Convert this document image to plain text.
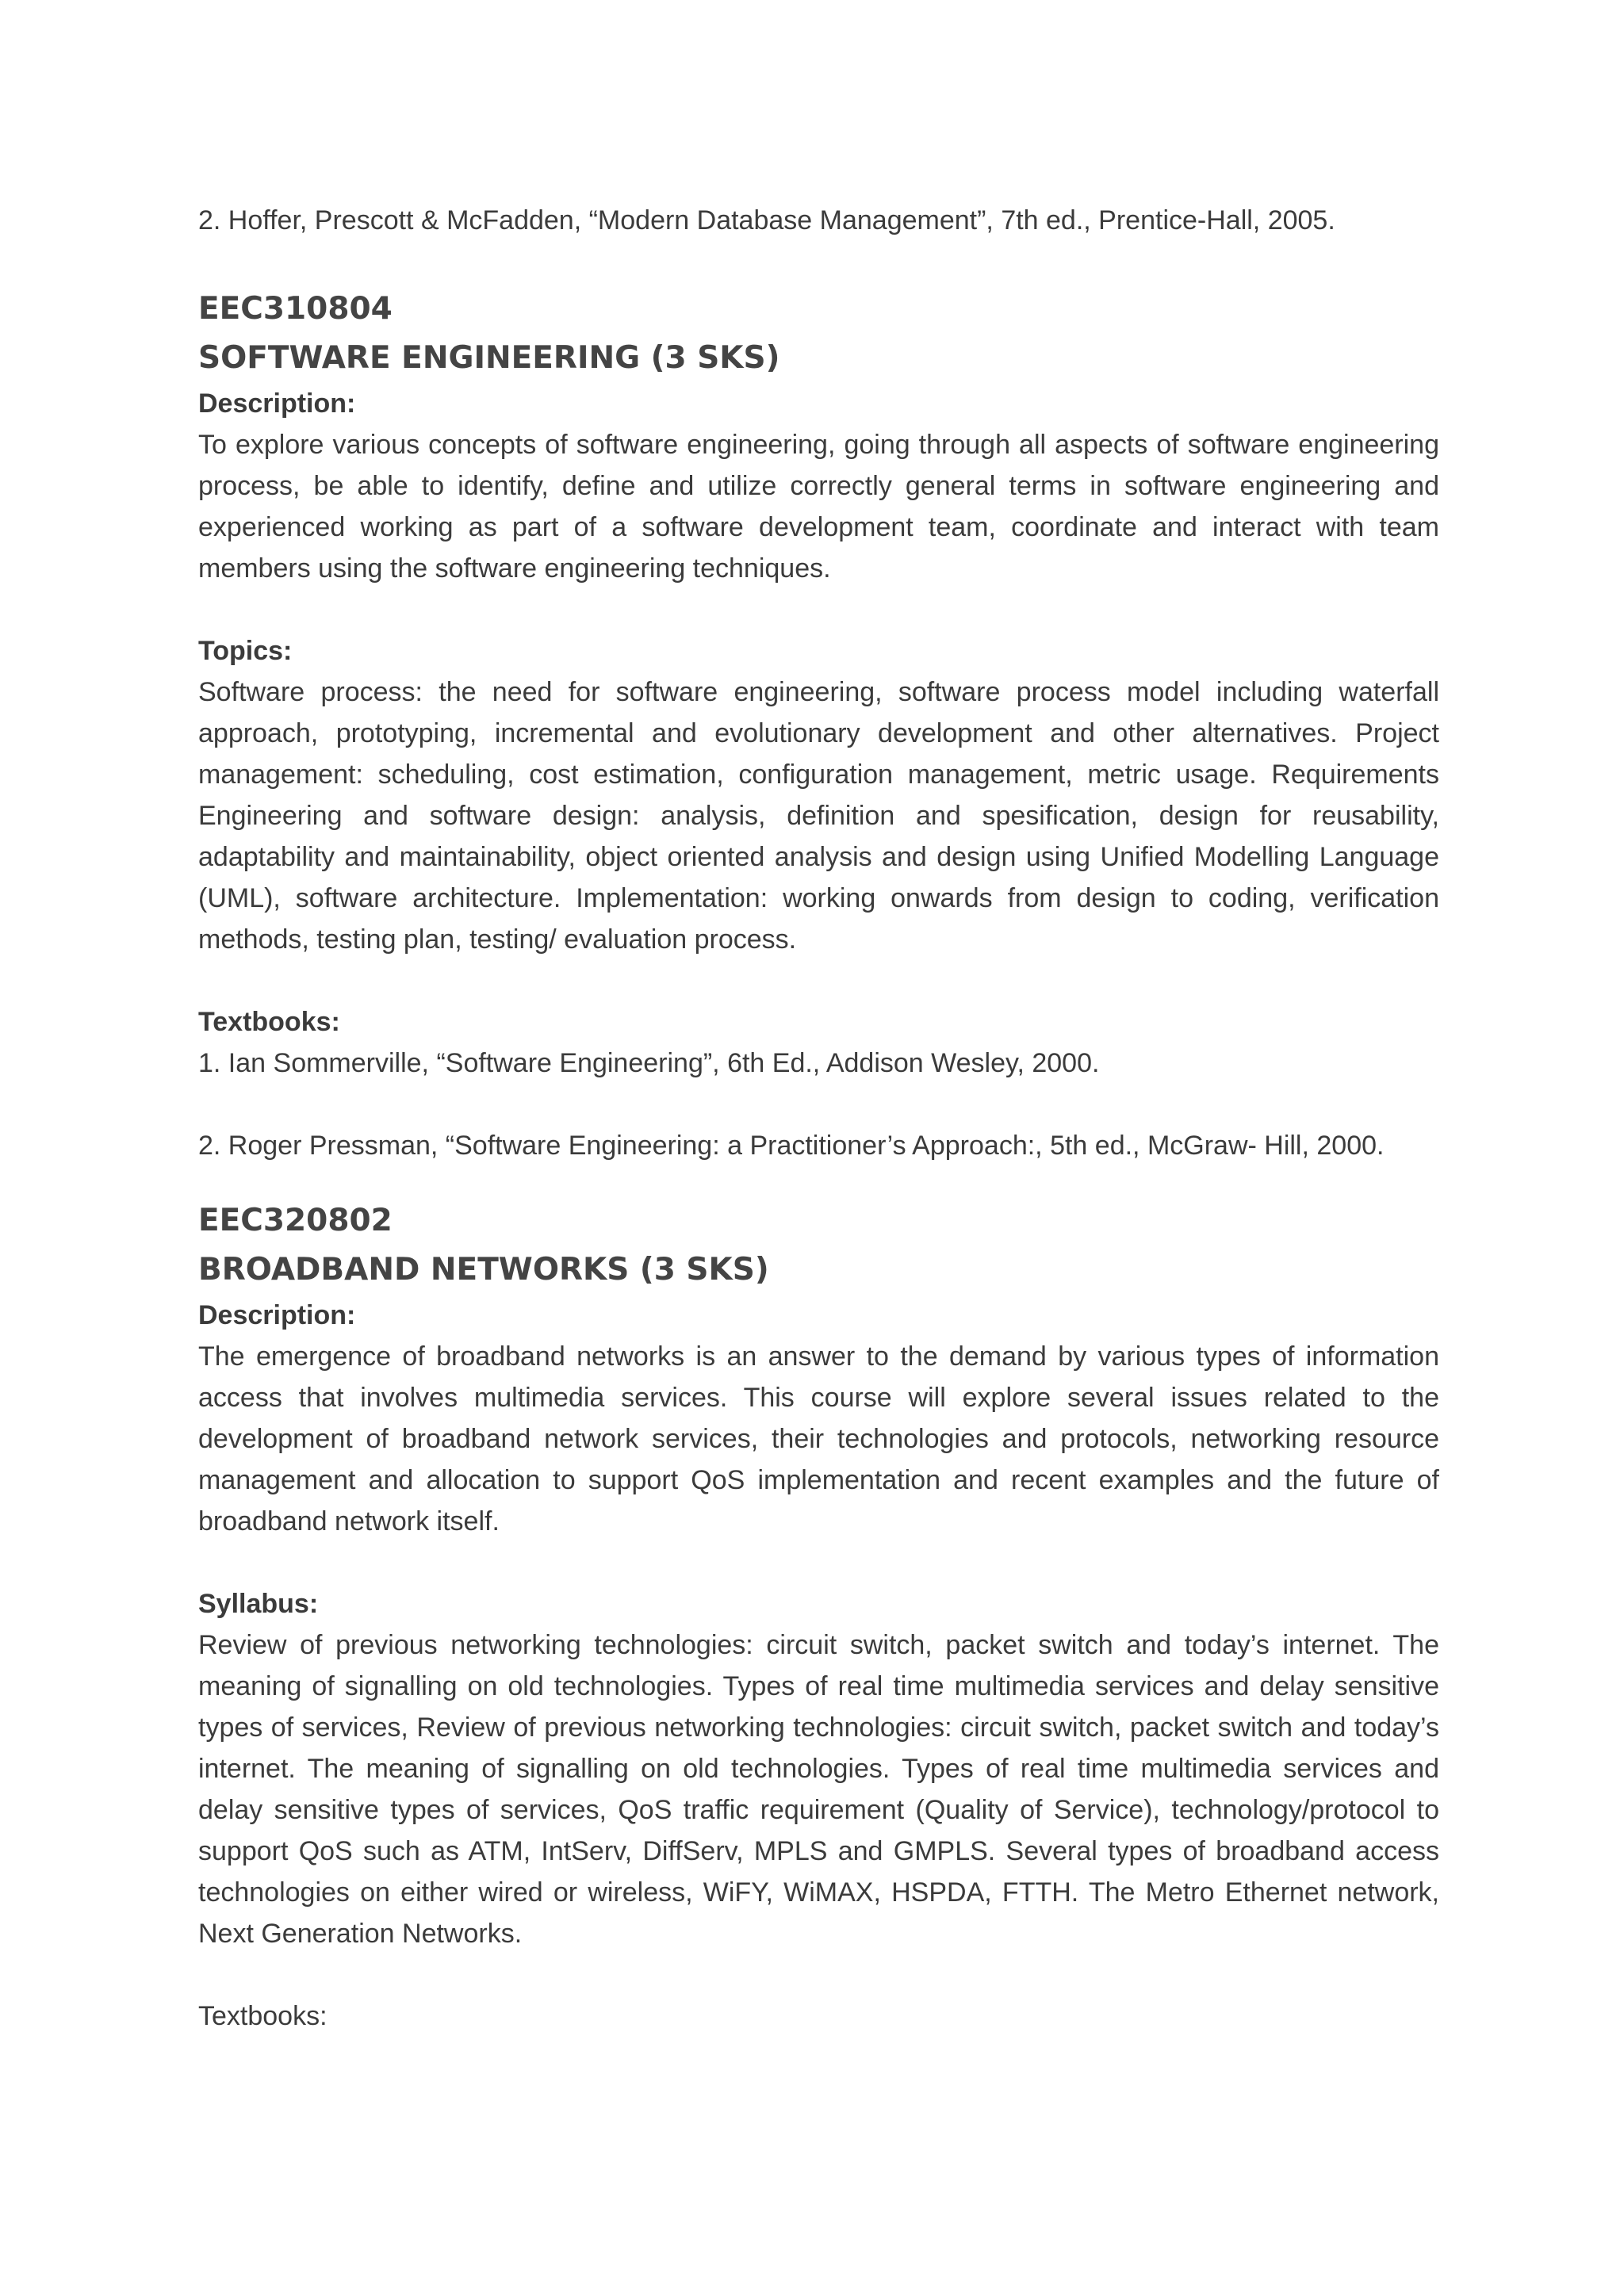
2. Hoffer, Prescott & McFadden, “Modern Database Management”, 7th ed., Prentice-Hall, 2005.

EEC310804

SOFTWARE ENGINEERING (3 SKS)

Description:

To explore various concepts of software engineering, going through all aspects of software engineering process, be able to identify, define and utilize correctly general terms in software engineering and experienced working as part of a software development team, coordinate and interact with team members using the software engineering techniques.

Topics:

Software process: the need for software engineering, software process model including waterfall approach, prototyping, incremental and evolutionary development and other alternatives. Project management: scheduling, cost estimation, configuration management, metric usage. Requirements Engineering and software design: analysis, definition and spesification, design for reusability, adaptability and maintainability, object oriented analysis and design using Unified Modelling Language (UML), software architecture. Implementation: working onwards from design to coding, verification methods, testing plan, testing/ evaluation process.

Textbooks:

1. Ian Sommerville, “Software Engineering”, 6th Ed., Addison Wesley, 2000.

2. Roger Pressman, “Software Engineering: a Practitioner’s Approach:, 5th ed., McGraw- Hill, 2000.

EEC320802

BROADBAND NETWORKS (3 SKS)

Description:

The emergence of broadband networks is an answer to the demand by various types of information access that involves multimedia services. This course will explore several issues related to the development of broadband network services, their technologies and protocols, networking resource management and allocation to support QoS implementation and recent examples and the future of broadband network itself.

Syllabus:

Review of previous networking technologies: circuit switch, packet switch and today’s internet. The meaning of signalling on old technologies. Types of real time multimedia services and delay sensitive types of services, Review of previous networking technologies: circuit switch, packet switch and today’s internet. The meaning of signalling on old technologies. Types of real time multimedia services and delay sensitive types of services, QoS traffic requirement (Quality of Service), technology/protocol to support QoS such as ATM, IntServ, DiffServ, MPLS and GMPLS. Several types of broadband access technologies on either wired or wireless, WiFY, WiMAX, HSPDA, FTTH. The Metro Ethernet network, Next Generation Networks.

Textbooks:
